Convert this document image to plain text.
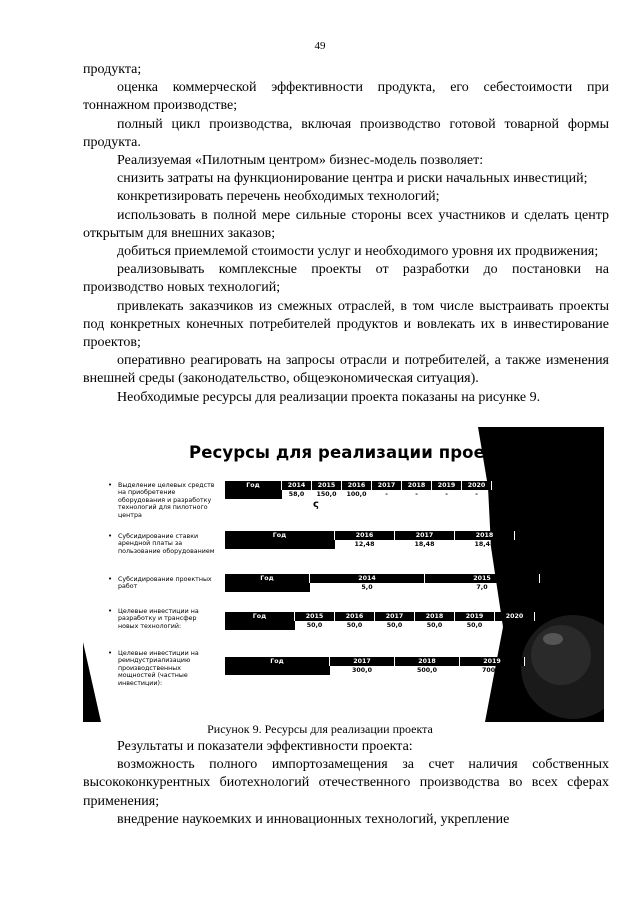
49

продукта;

оценка коммерческой эффективности продукта, его себестоимости при тоннажном производстве;

полный цикл производства, включая производство готовой товарной формы продукта.

Реализуемая «Пилотным центром» бизнес-модель позволяет:

снизить затраты на функционирование центра и риски начальных инвестиций;

конкретизировать перечень необходимых технологий;

использовать в полной мере сильные стороны всех участников и сделать центр открытым для внешних заказов;

добиться приемлемой стоимости услуг и необходимого уровня их продвижения;

реализовывать комплексные проекты от разработки до постановки на производство новых технологий;

привлекать заказчиков из смежных отраслей, в том числе выстраивать проекты под конкретных конечных потребителей продуктов и вовлекать их в инвестирование проектов;

оперативно реагировать на запросы отрасли и потребителей, а также изменения внешней среды (законодательство, общеэкономическая ситуация).

Необходимые ресурсы для реализации проекта показаны на рисунке 9.

Ресурсы для реализации проекта
ς
• Выделение целевых средств на приобретение оборудования и разработку технологий для пилотного центра
Год	2014	2015	2016	2017	2018	2019	2020
Млн. руб.	58,0	150,0	100,0	-	-	-	-
• Субсидирование ставки арендной платы за пользование оборудованием
Год	2016	2017	2018
Млн. руб.	12,48	18,48	18,48
• Субсидирование проектных работ
Год	2014	2015
Млн. руб.	5,0	7,0
• Целевые инвестиции на разработку и трансфер новых технологий:
Год	2015	2016	2017	2018	2019	2020
Млн. руб.	50,0	50,0	50,0	50,0	50,0	50,0
• Целевые инвестиции на реиндустриализацию производственных мощностей (частные инвестиции):
Год	2017	2018	2019
Млн. руб.	300,0	500,0	700,0
Рисунок 9. Ресурсы для реализации проекта

Результаты и показатели эффективности проекта:

возможность полного импортозамещения за счет наличия собственных высококонкурентных биотехнологий отечественного производства во всех сферах применения;

внедрение наукоемких и инновационных технологий, укрепление
